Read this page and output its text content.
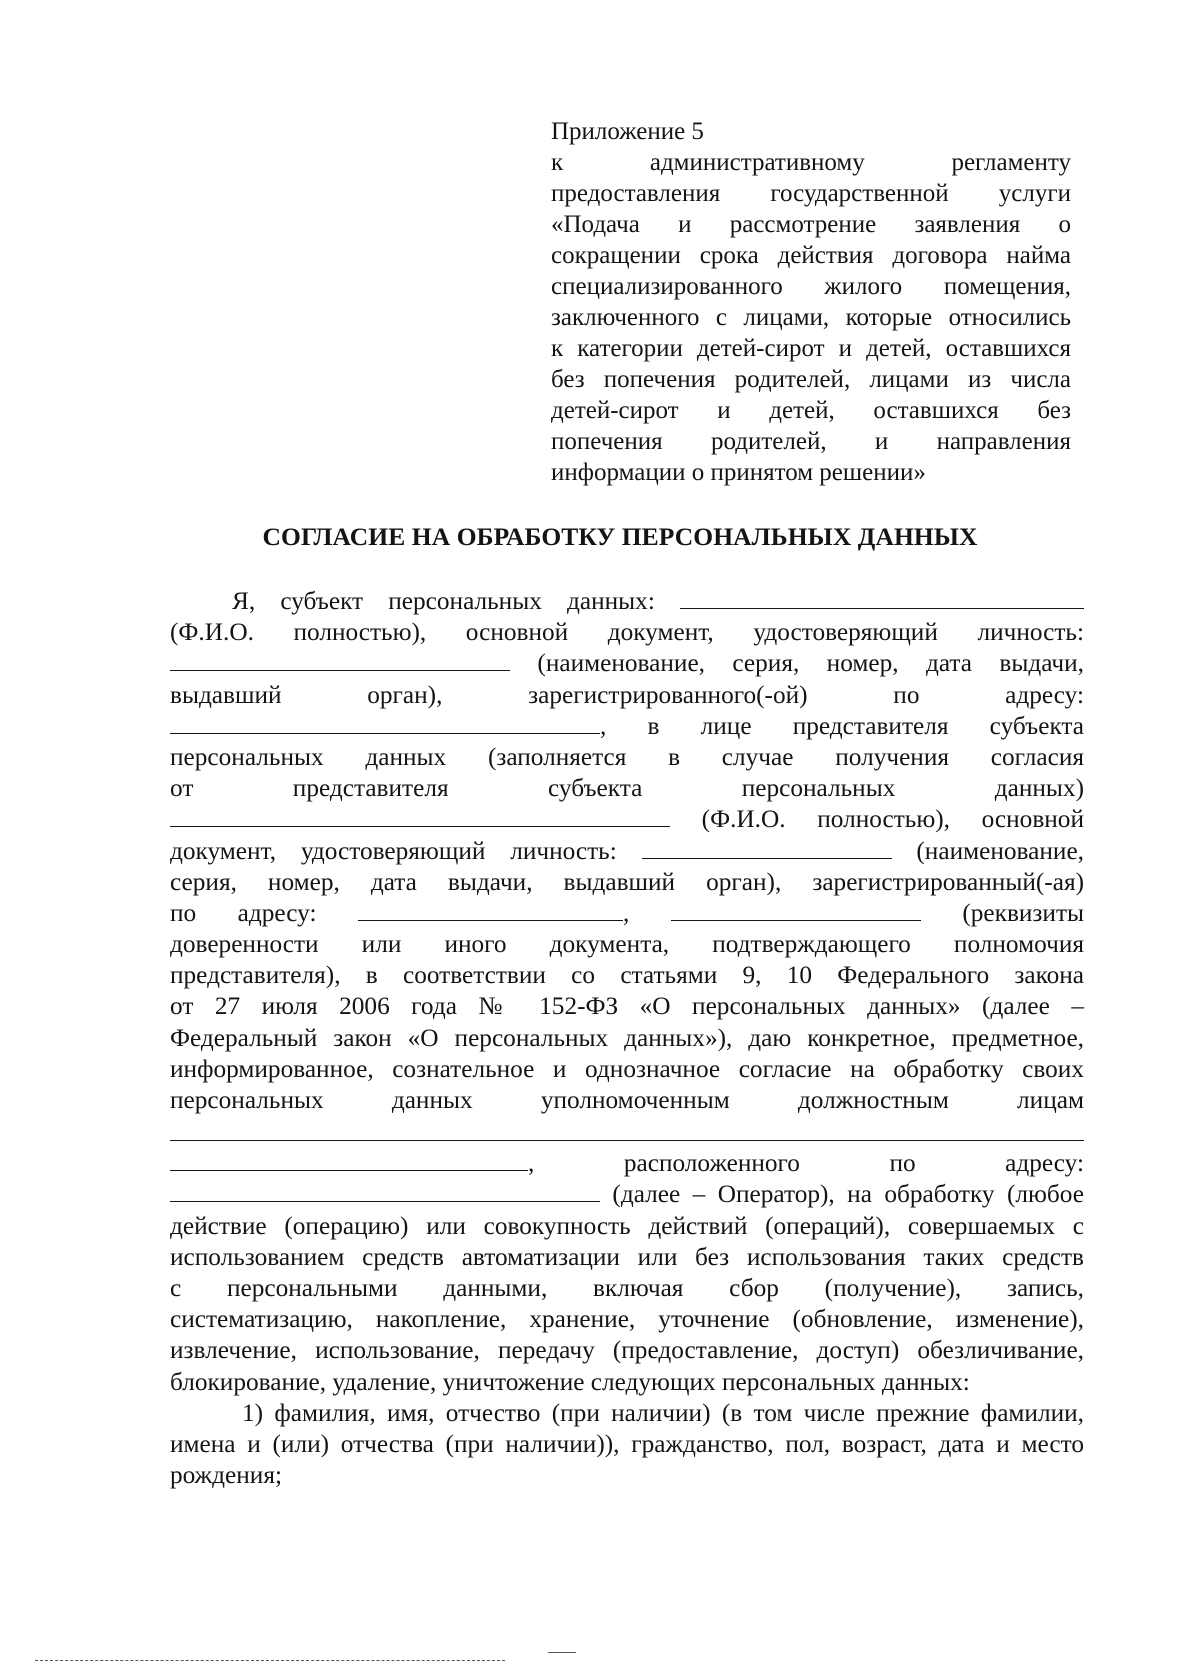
Приложение 5
к административному регламенту
предоставления государственной услуги
«Подача и рассмотрение заявления о
сокращении срока действия договора найма
специализированного жилого помещения,
заключенного с лицами, которые относились
к категории детей-сирот и детей, оставшихся
без попечения родителей, лицами из числа
детей-сирот и детей, оставшихся без
попечения родителей, и направления
информации о принятом решении»
СОГЛАСИЕ НА ОБРАБОТКУ ПЕРСОНАЛЬНЫХ ДАННЫХ
Я, субъект персональных данных:
(Ф.И.О. полностью), основной документ, удостоверяющий личность:
(наименование, серия, номер, дата выдачи,
выдавший орган), зарегистрированного(-ой) по адресу:
, в лице представителя субъекта
персональных данных (заполняется в случае получения согласия
от представителя субъекта персональных данных)
(Ф.И.О. полностью), основной
документ, удостоверяющий личность:	(наименование,
серия, номер, дата выдачи, выдавший орган), зарегистрированный(-ая)
по адресу:	,	(реквизиты
доверенности или иного документа, подтверждающего полномочия
представителя), в соответствии со статьями 9, 10 Федерального закона
от 27 июля 2006 года № 152-ФЗ «О персональных данных» (далее –
Федеральный закон «О персональных данных»), даю конкретное, предметное,
информированное, сознательное и однозначное согласие на обработку своих
персональных данных уполномоченным должностным лицам
,	расположенного по адресу:
(далее – Оператор), на обработку (любое
действие (операцию) или совокупность действий (операций), совершаемых с
использованием средств автоматизации или без использования таких средств
с персональными данными, включая сбор (получение), запись,
систематизацию, накопление, хранение, уточнение (обновление, изменение),
извлечение, использование, передачу (предоставление, доступ) обезличивание,
блокирование, удаление, уничтожение следующих персональных данных:
1) фамилия, имя, отчество (при наличии) (в том числе прежние фамилии,
имена и (или) отчества (при наличии)), гражданство, пол, возраст, дата и место
рождения;
